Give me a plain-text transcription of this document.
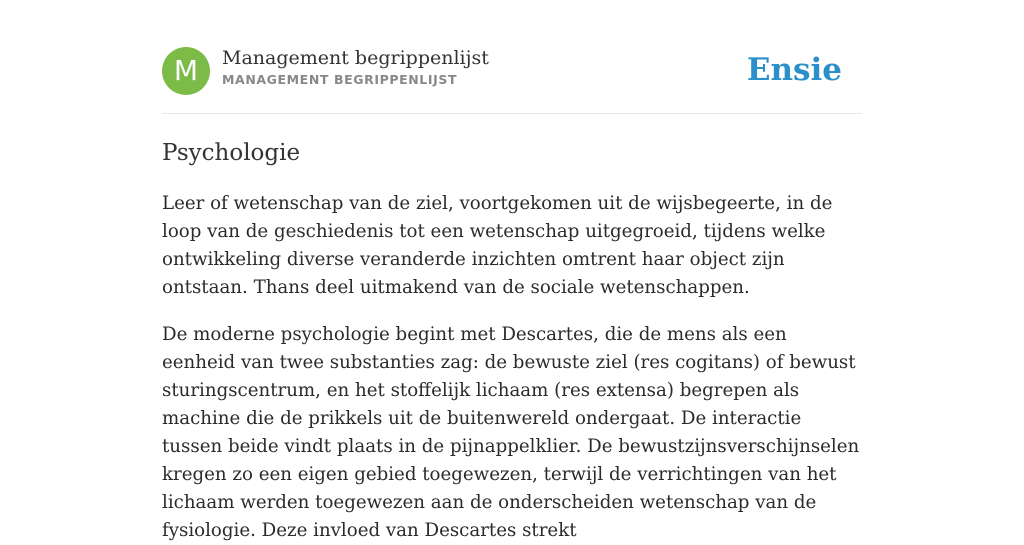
M	Management begrippenlijst
MANAGEMENT BEGRIPPENLIJST	Ensie
Psychologie

Leer of wetenschap van de ziel, voortgekomen uit de wijsbegeerte, in de loop van de geschiedenis tot een wetenschap uitgegroeid, tijdens welke ontwikkeling diverse veranderde inzichten omtrent haar object zijn ontstaan. Thans deel uitmakend van de sociale wetenschappen.

De moderne psychologie begint met Descartes, die de mens als een eenheid van twee substanties zag: de bewuste ziel (res cogitans) of bewust sturingscentrum, en het stoffelijk lichaam (res extensa) begrepen als machine die de prikkels uit de buitenwereld ondergaat. De interactie tussen beide vindt plaats in de pijnappelklier. De bewustzijnsverschijnselen kregen zo een eigen gebied toegewezen, terwijl de verrichtingen van het lichaam werden toegewezen aan de onderscheiden wetenschap van de fysiologie. Deze invloed van Descartes strekt
